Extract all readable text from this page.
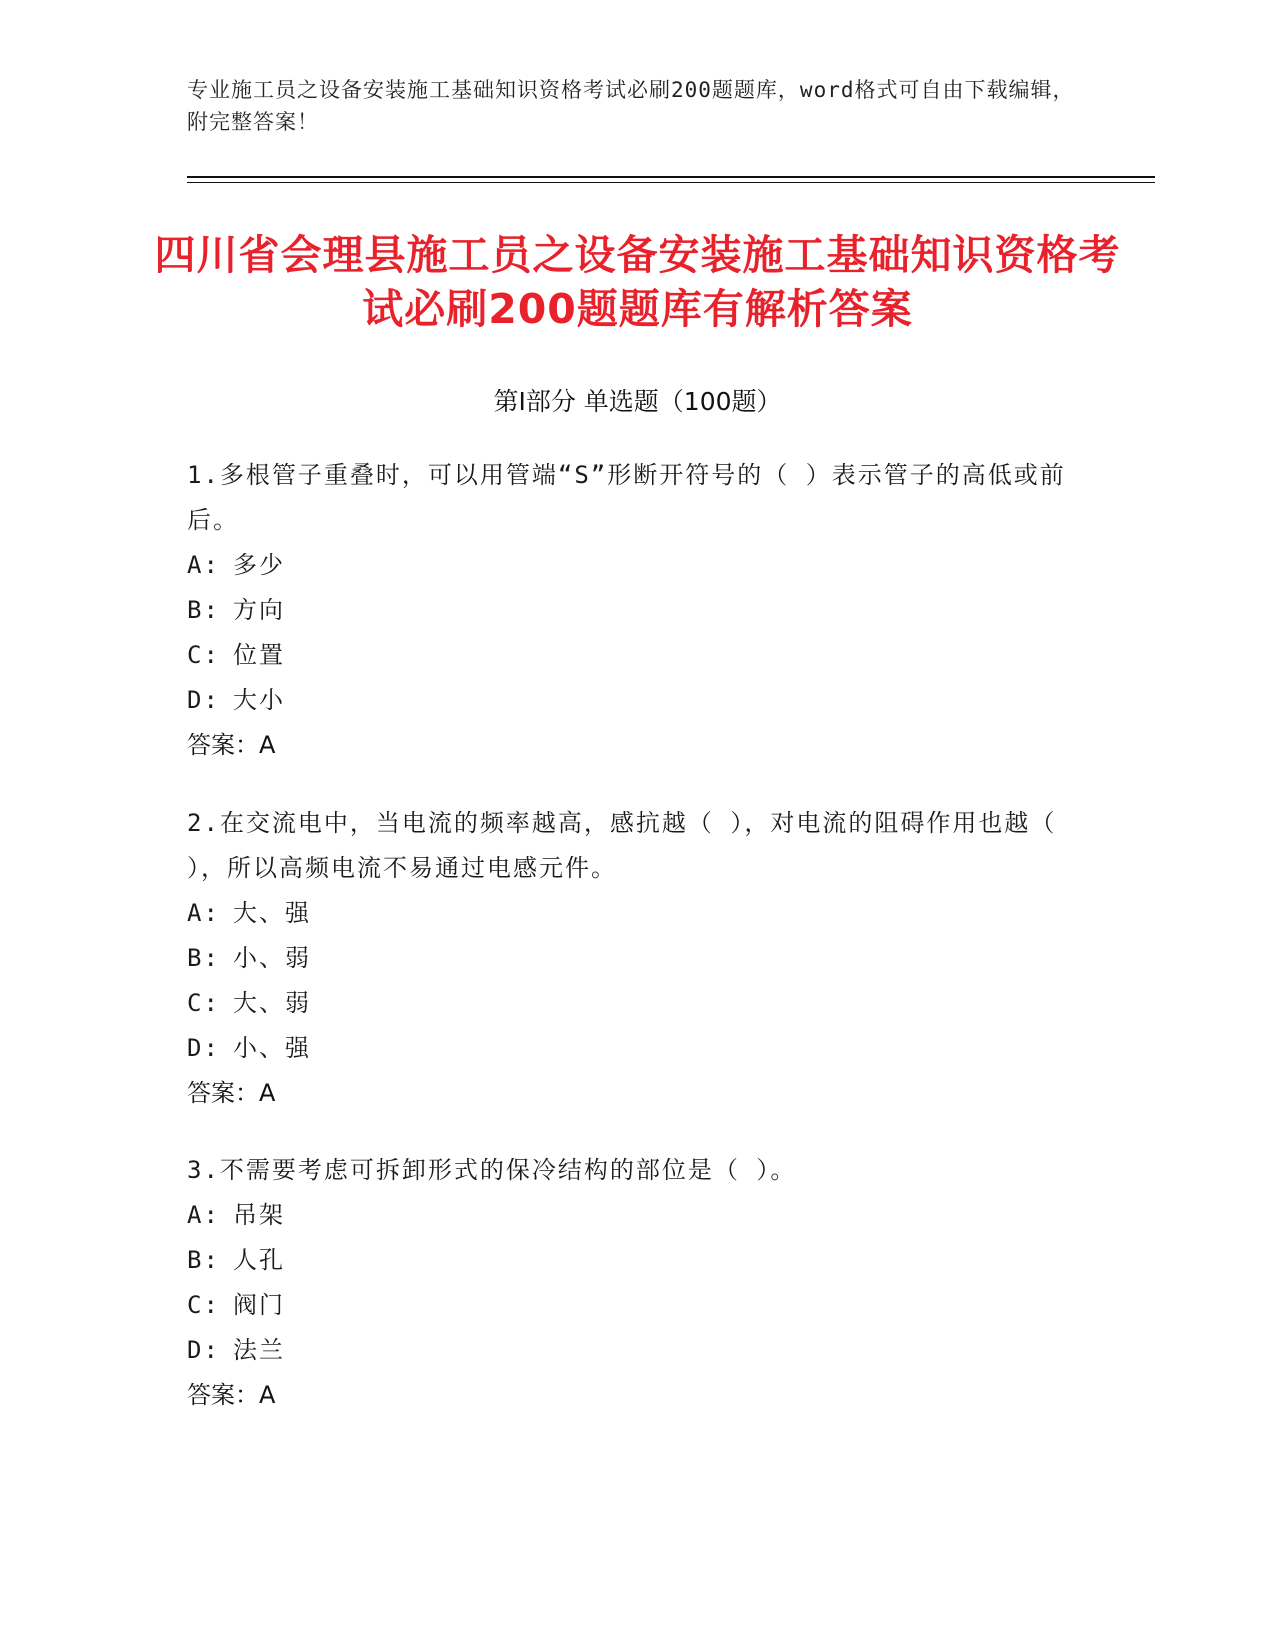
专业施工员之设备安装施工基础知识资格考试必刷200题题库，word格式可自由下载编辑，附完整答案！
四川省会理县施工员之设备安装施工基础知识资格考试必刷200题题库有解析答案
第Ⅰ部分 单选题（100题）

1.多根管子重叠时，可以用管端“S”形断开符号的（ ）表示管子的高低或前后。

A: 多少

B: 方向

C: 位置

D: 大小

答案：A

2.在交流电中，当电流的频率越高，感抗越（ ），对电流的阻碍作用也越（ ），所以高频电流不易通过电感元件。

A: 大、强

B: 小、弱

C: 大、弱

D: 小、强

答案：A

3.不需要考虑可拆卸形式的保冷结构的部位是（ ）。

A: 吊架

B: 人孔

C: 阀门

D: 法兰

答案：A
